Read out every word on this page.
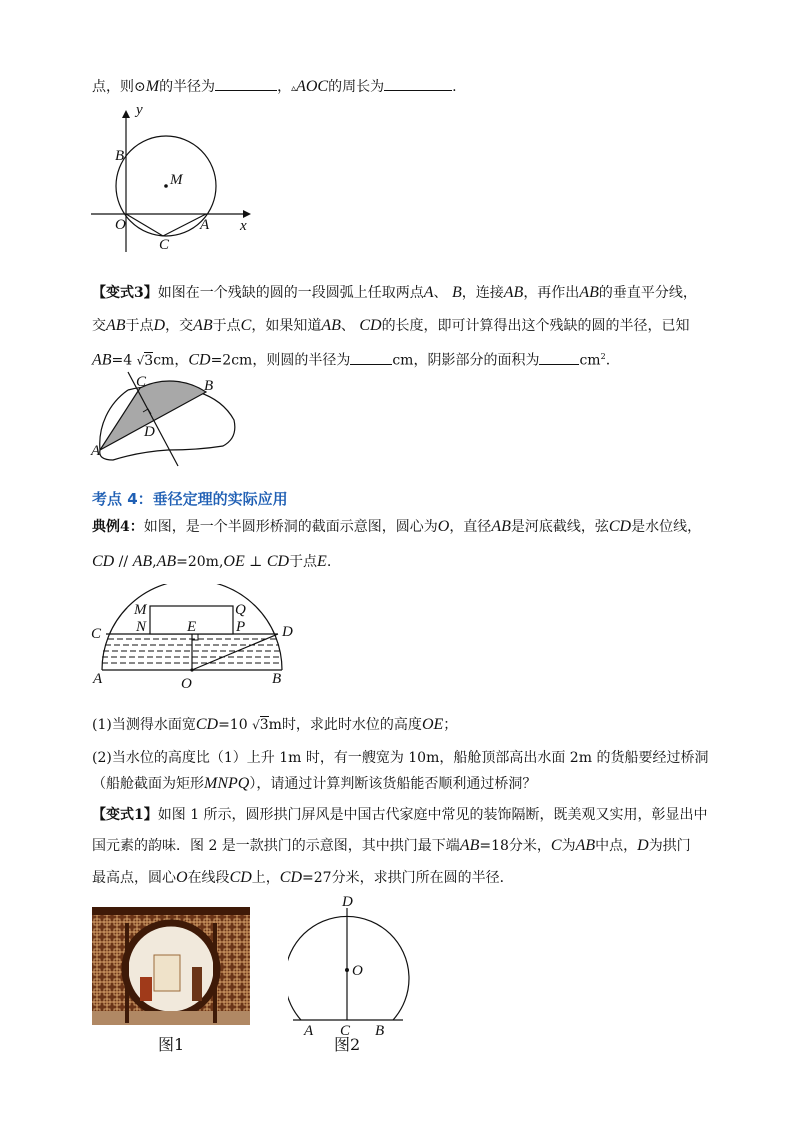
点，则⊙M的半径为	，▵AOC的周长为	.
y
x
B
M
O
C
A
【变式3】如图在一个残缺的圆的一段圆弧上任取两点A、 B，连接AB，再作出AB的垂直平分线，
交AB于点D，交AB于点C，如果知道AB、 CD的长度，即可计算得出这个残缺的圆的半径，已知
AB=4 √3cm，CD=2cm，则圆的半径为	cm，阴影部分的面积为	$cm^2$.
C	B
D
A
考点 4：垂径定理的实际应用
典例4：如图，是一个半圆形桥洞的截面示意图，圆心为O，直径AB是河底截线，弦CD是水位线，
CD // AB,AB=20m,OE ⊥ CD于点E.
M	Q
N	E	P
C	D
A	O	B
(1)当测得水面宽CD=10 √3m时，求此时水位的高度OE；
(2)当水位的高度比（1）上升 1m 时，有一艘宽为 10m，船舱顶部高出水面 2m 的货船要经过桥洞
（船舱截面为矩形MNPQ），请通过计算判断该货船能否顺利通过桥洞？
【变式1】如图 1 所示，圆形拱门屏风是中国古代家庭中常见的装饰隔断，既美观又实用，彰显出中
国元素的韵味．图 2 是一款拱门的示意图，其中拱门最下端AB=18分米，C为AB中点，D为拱门
最高点，圆心O在线段CD上，CD=27分米，求拱门所在圆的半径．
图1
D
O
A C B
图2
